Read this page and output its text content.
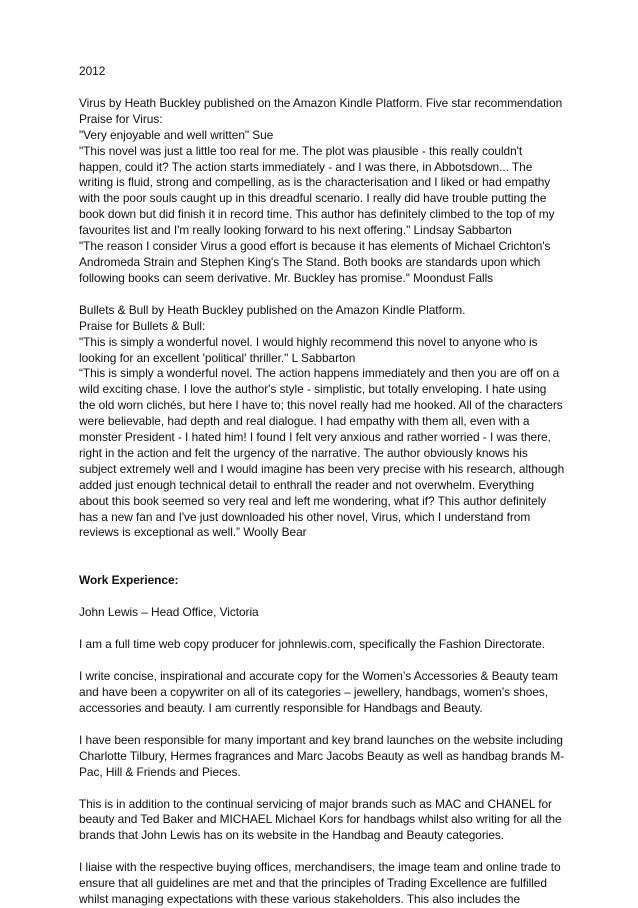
2012

Virus by Heath Buckley published on the Amazon Kindle Platform. Five star recommendation

Praise for Virus:

"Very enjoyable and well written" Sue

"This novel was just a little too real for me. The plot was plausible - this really couldn't happen, could it? The action starts immediately - and I was there, in Abbotsdown... The writing is fluid, strong and compelling, as is the characterisation and I liked or had empathy with the poor souls caught up in this dreadful scenario. I really did have trouble putting the book down but did finish it in record time. This author has definitely climbed to the top of my favourites list and I'm really looking forward to his next offering." Lindsay Sabbarton

"The reason I consider Virus a good effort is because it has elements of Michael Crichton's Andromeda Strain and Stephen King's The Stand. Both books are standards upon which following books can seem derivative. Mr. Buckley has promise." Moondust Falls

Bullets & Bull by Heath Buckley published on the Amazon Kindle Platform.

Praise for Bullets & Bull:

"This is simply a wonderful novel. I would highly recommend this novel to anyone who is looking for an excellent 'political' thriller." L Sabbarton

“This is simply a wonderful novel. The action happens immediately and then you are off on a wild exciting chase. I love the author's style - simplistic, but totally enveloping. I hate using the old worn clichés, but here I have to; this novel really had me hooked. All of the characters were believable, had depth and real dialogue. I had empathy with them all, even with a monster President - I hated him! I found I felt very anxious and rather worried - I was there, right in the action and felt the urgency of the narrative. The author obviously knows his subject extremely well and I would imagine has been very precise with his research, although added just enough technical detail to enthrall the reader and not overwhelm. Everything about this book seemed so very real and left me wondering, what if? This author definitely has a new fan and I've just downloaded his other novel, Virus, which I understand from reviews is exceptional as well.” Woolly Bear

Work Experience:

John Lewis – Head Office, Victoria

I am a full time web copy producer for johnlewis.com, specifically the Fashion Directorate.

I write concise, inspirational and accurate copy for the Women’s Accessories & Beauty team and have been a copywriter on all of its categories – jewellery, handbags, women’s shoes, accessories and beauty. I am currently responsible for Handbags and Beauty.

I have been responsible for many important and key brand launches on the website including Charlotte Tilbury, Hermes fragrances and Marc Jacobs Beauty as well as handbag brands M-Pac, Hill & Friends and Pieces.

This is in addition to the continual servicing of major brands such as MAC and CHANEL for beauty and Ted Baker and MICHAEL Michael Kors for handbags whilst also writing for all the brands that John Lewis has on its website in the Handbag and Beauty categories.

I liaise with the respective buying offices, merchandisers, the image team and online trade to ensure that all guidelines are met and that the principles of Trading Excellence are fulfilled whilst managing expectations with these various stakeholders. This also includes the
